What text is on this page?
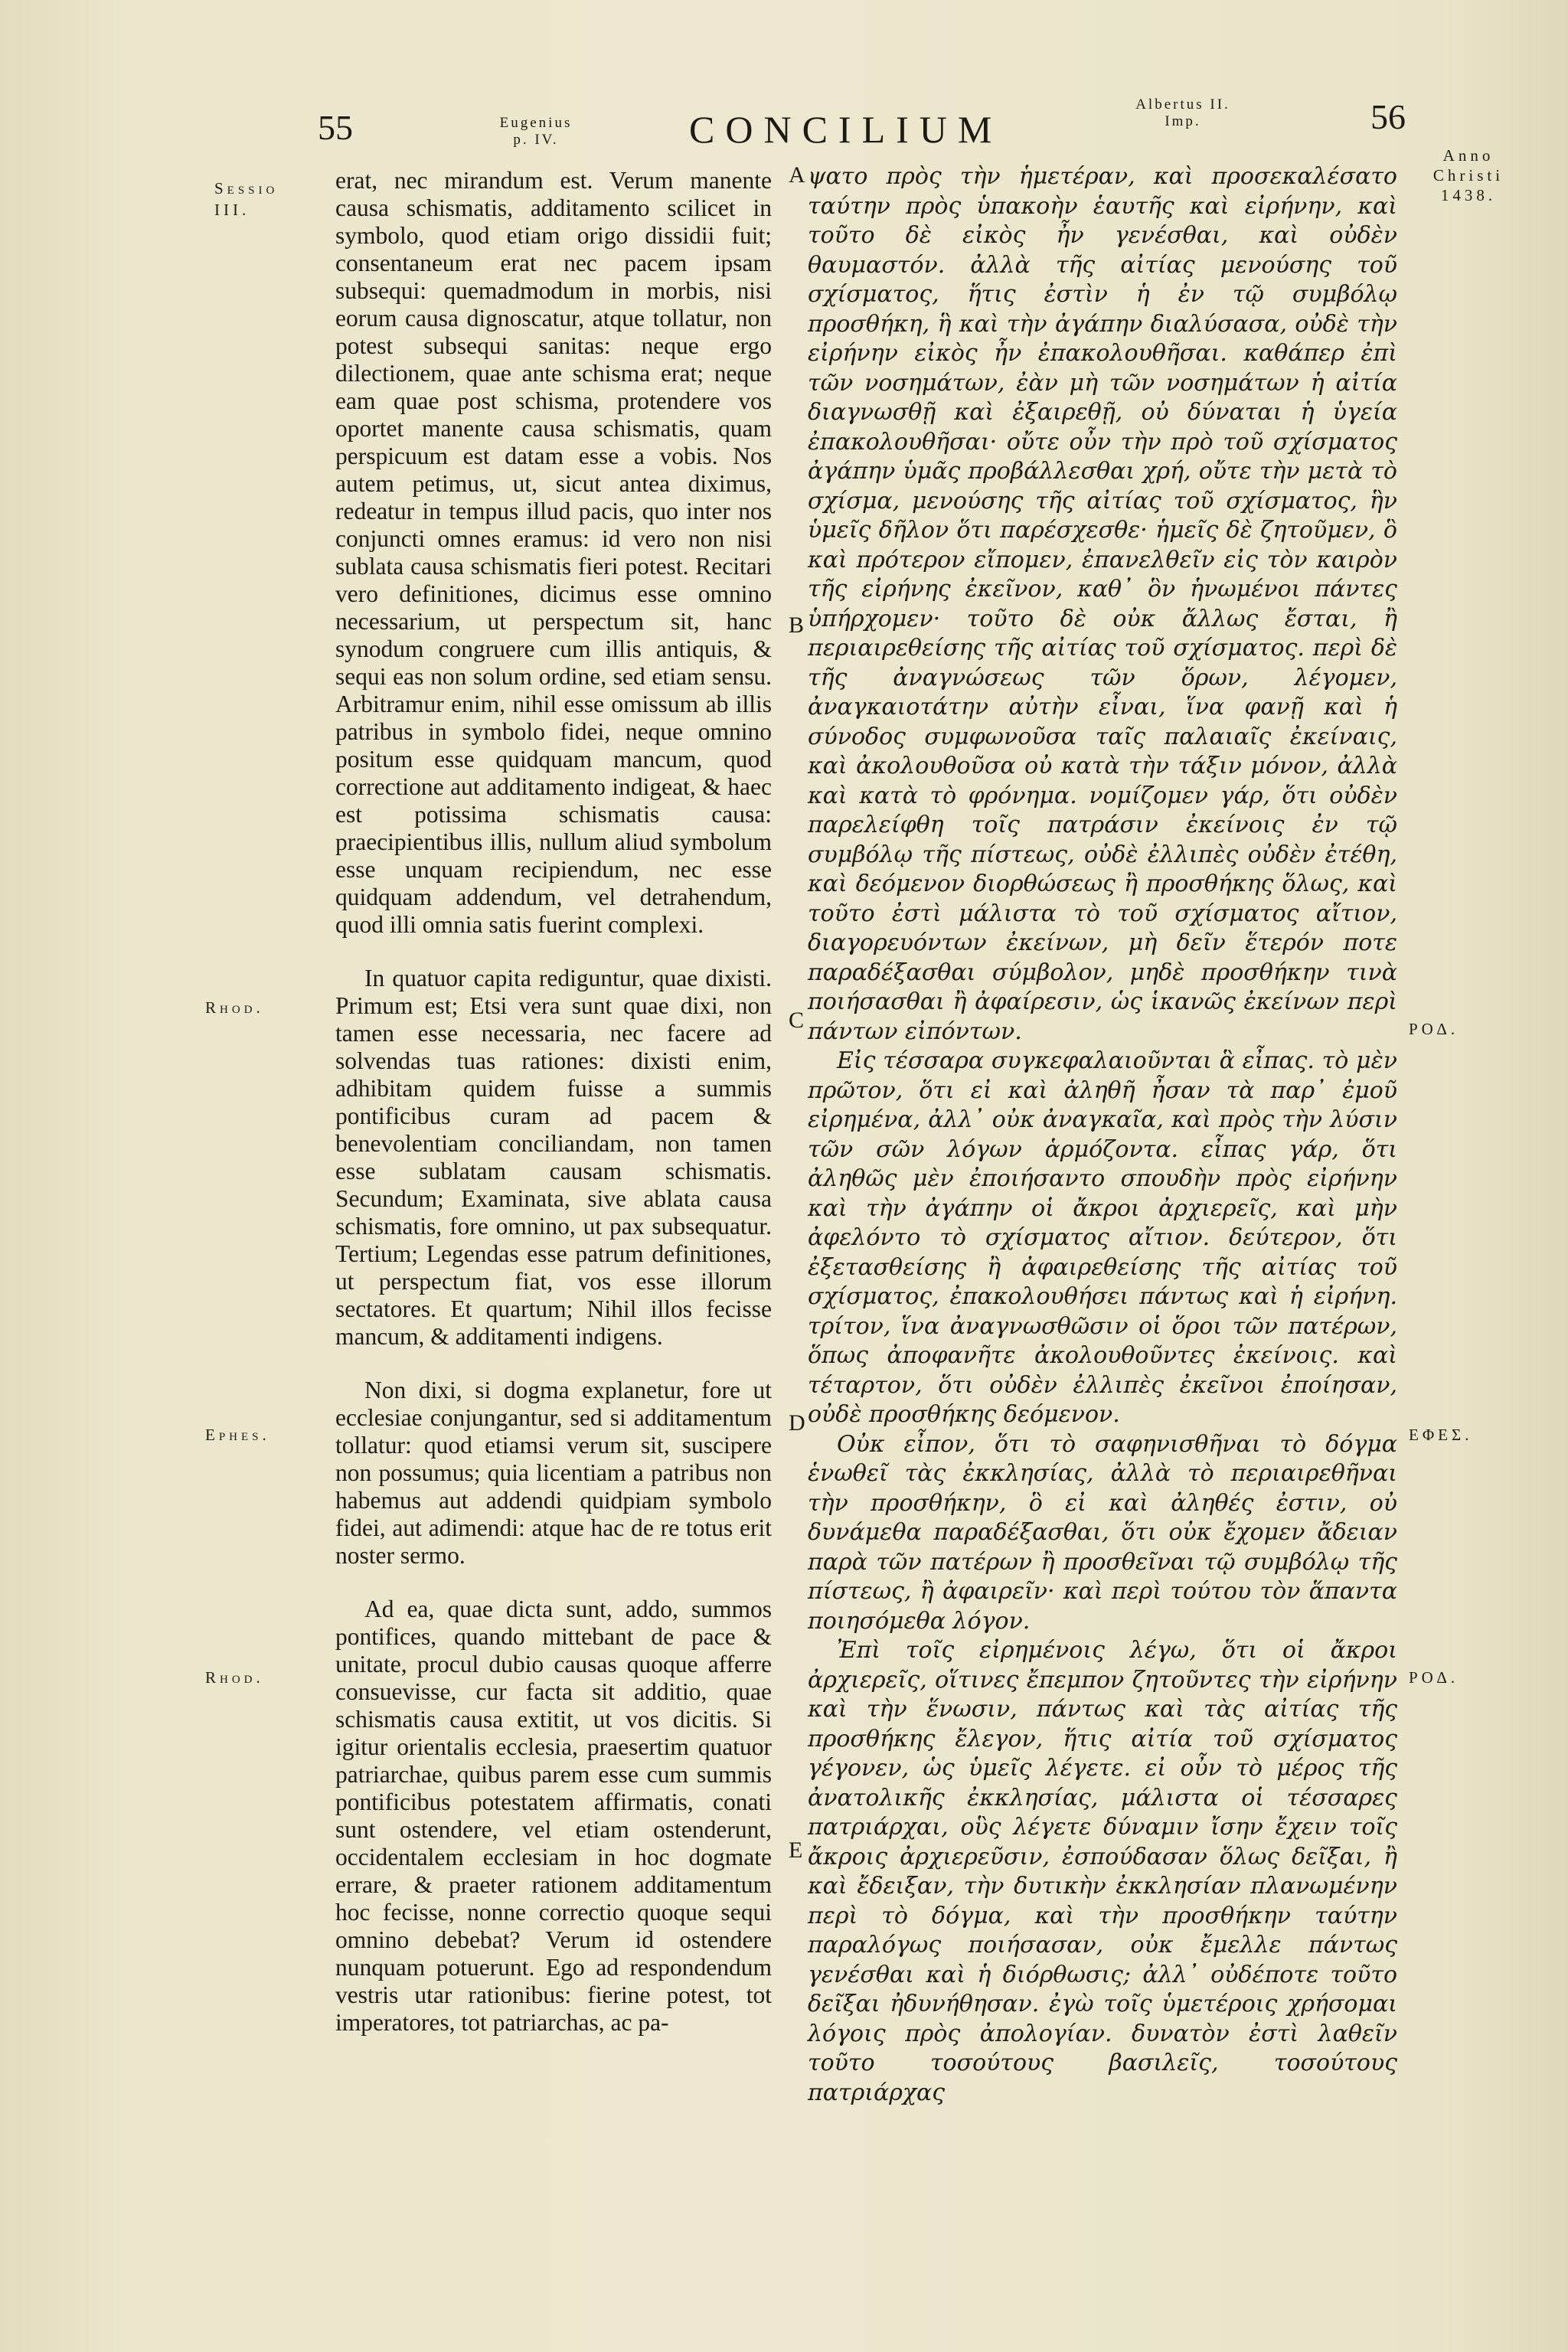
55	Eugenius
p. IV.	CONCILIUM
Albertus II.
Imp.	56
Sessio
III.
Rhod.
Ephes.
Rhod.
Anno
Christi
1438.
ΡΟΔ.
ΕΦΕΣ.
ΡΟΔ.
A
B
C
D
E

erat, nec mirandum est. Verum manente causa schismatis, additamento scilicet in symbolo, quod etiam origo dissidii fuit; consentaneum erat nec pacem ipsam subsequi: quemadmodum in morbis, nisi eorum causa dignoscatur, atque tollatur, non potest subsequi sanitas: neque ergo dilectionem, quae ante schisma erat; neque eam quae post schisma, protendere vos oportet manente causa schismatis, quam perspicuum est datam esse a vobis. Nos autem petimus, ut, sicut antea diximus, redeatur in tempus illud pacis, quo inter nos conjuncti omnes eramus: id vero non nisi sublata causa schismatis fieri potest. Recitari vero definitiones, dicimus esse omnino necessarium, ut perspectum sit, hanc synodum congruere cum illis antiquis, & sequi eas non solum ordine, sed etiam sensu. Arbitramur enim, nihil esse omissum ab illis patribus in symbolo fidei, neque omnino positum esse quidquam mancum, quod correctione aut additamento indigeat, & haec est potissima schismatis causa: praecipientibus illis, nullum aliud symbolum esse unquam recipiendum, nec esse quidquam addendum, vel detrahendum, quod illi omnia satis fuerint complexi.

In quatuor capita rediguntur, quae dixisti. Primum est; Etsi vera sunt quae dixi, non tamen esse necessaria, nec facere ad solvendas tuas rationes: dixisti enim, adhibitam quidem fuisse a summis pontificibus curam ad pacem & benevolentiam conciliandam, non tamen esse sublatam causam schismatis. Secundum; Examinata, sive ablata causa schismatis, fore omnino, ut pax subsequatur. Tertium; Legendas esse patrum definitiones, ut perspectum fiat, vos esse illorum sectatores. Et quartum; Nihil illos fecisse mancum, & additamenti indigens.

Non dixi, si dogma explanetur, fore ut ecclesiae conjungantur, sed si additamentum tollatur: quod etiamsi verum sit, suscipere non possumus; quia licentiam a patribus non habemus aut addendi quidpiam symbolo fidei, aut adimendi: atque hac de re totus erit noster sermo.

Ad ea, quae dicta sunt, addo, summos pontifices, quando mittebant de pace & unitate, procul dubio causas quoque afferre consuevisse, cur facta sit additio, quae schismatis causa extitit, ut vos dicitis. Si igitur orientalis ecclesia, praesertim quatuor patriarchae, quibus parem esse cum summis pontificibus potestatem affirmatis, conati sunt ostendere, vel etiam ostenderunt, occidentalem ecclesiam in hoc dogmate errare, & praeter rationem additamentum hoc fecisse, nonne correctio quoque sequi omnino debebat? Verum id ostendere nunquam potuerunt. Ego ad respondendum vestris utar rationibus: fierine potest, tot imperatores, tot patriarchas, ac pa-

ψατο πρὸς τὴν ἡμετέραν, καὶ προσεκαλέσατο ταύτην πρὸς ὑπακοὴν ἑαυτῆς καὶ εἰρήνην, καὶ τοῦτο δὲ εἰκὸς ἦν γενέσθαι, καὶ οὐδὲν θαυμαστόν. ἀλλὰ τῆς αἰτίας μενούσης τοῦ σχίσματος, ἥτις ἐστὶν ἡ ἐν τῷ συμβόλῳ προσθήκη, ἣ καὶ τὴν ἀγάπην διαλύσασα, οὐδὲ τὴν εἰρήνην εἰκὸς ἦν ἐπακολουθῆσαι. καθάπερ ἐπὶ τῶν νοσημάτων, ἐὰν μὴ τῶν νοσημάτων ἡ αἰτία διαγνωσθῇ καὶ ἐξαιρεθῇ, οὐ δύναται ἡ ὑγεία ἐπακολουθῆσαι· οὔτε οὖν τὴν πρὸ τοῦ σχίσματος ἀγάπην ὑμᾶς προβάλλεσθαι χρή, οὔτε τὴν μετὰ τὸ σχίσμα, μενούσης τῆς αἰτίας τοῦ σχίσματος, ἣν ὑμεῖς δῆλον ὅτι παρέσχεσθε· ἡμεῖς δὲ ζητοῦμεν, ὃ καὶ πρότερον εἴπομεν, ἐπανελθεῖν εἰς τὸν καιρὸν τῆς εἰρήνης ἐκεῖνον, καθ᾽ ὃν ἡνωμένοι πάντες ὑπήρχομεν· τοῦτο δὲ οὐκ ἄλλως ἔσται, ἢ περιαιρεθείσης τῆς αἰτίας τοῦ σχίσματος. περὶ δὲ τῆς ἀναγνώσεως τῶν ὅρων, λέγομεν, ἀναγκαιοτάτην αὐτὴν εἶναι, ἵνα φανῇ καὶ ἡ σύνοδος συμφωνοῦσα ταῖς παλαιαῖς ἐκείναις, καὶ ἀκολουθοῦσα οὐ κατὰ τὴν τάξιν μόνον, ἀλλὰ καὶ κατὰ τὸ φρόνημα. νομίζομεν γάρ, ὅτι οὐδὲν παρελείφθη τοῖς πατράσιν ἐκείνοις ἐν τῷ συμβόλῳ τῆς πίστεως, οὐδὲ ἐλλιπὲς οὐδὲν ἐτέθη, καὶ δεόμενον διορθώσεως ἢ προσθήκης ὅλως, καὶ τοῦτο ἐστὶ μάλιστα τὸ τοῦ σχίσματος αἴτιον, διαγορευόντων ἐκείνων, μὴ δεῖν ἕτερόν ποτε παραδέξασθαι σύμβολον, μηδὲ προσθήκην τινὰ ποιήσασθαι ἢ ἀφαίρεσιν, ὡς ἱκανῶς ἐκείνων περὶ πάντων εἰπόντων.

Εἰς τέσσαρα συγκεφαλαιοῦνται ἃ εἶπας. τὸ μὲν πρῶτον, ὅτι εἰ καὶ ἀληθῆ ἦσαν τὰ παρ᾽ ἐμοῦ εἰρημένα, ἀλλ᾽ οὐκ ἀναγκαῖα, καὶ πρὸς τὴν λύσιν τῶν σῶν λόγων ἁρμόζοντα. εἶπας γάρ, ὅτι ἀληθῶς μὲν ἐποιήσαντο σπουδὴν πρὸς εἰρήνην καὶ τὴν ἀγάπην οἱ ἄκροι ἀρχιερεῖς, καὶ μὴν ἀφελόντο τὸ σχίσματος αἴτιον. δεύτερον, ὅτι ἐξετασθείσης ἢ ἀφαιρεθείσης τῆς αἰτίας τοῦ σχίσματος, ἐπακολουθήσει πάντως καὶ ἡ εἰρήνη. τρίτον, ἵνα ἀναγνωσθῶσιν οἱ ὅροι τῶν πατέρων, ὅπως ἀποφανῆτε ἀκολουθοῦντες ἐκείνοις. καὶ τέταρτον, ὅτι οὐδὲν ἐλλιπὲς ἐκεῖνοι ἐποίησαν, οὐδὲ προσθήκης δεόμενον.

Οὐκ εἶπον, ὅτι τὸ σαφηνισθῆναι τὸ δόγμα ἑνωθεῖ τὰς ἐκκλησίας, ἀλλὰ τὸ περιαιρεθῆναι τὴν προσθήκην, ὃ εἰ καὶ ἀληθές ἐστιν, οὐ δυνάμεθα παραδέξασθαι, ὅτι οὐκ ἔχομεν ἄδειαν παρὰ τῶν πατέρων ἢ προσθεῖναι τῷ συμβόλῳ τῆς πίστεως, ἢ ἀφαιρεῖν· καὶ περὶ τούτου τὸν ἅπαντα ποιησόμεθα λόγον.

Ἐπὶ τοῖς εἰρημένοις λέγω, ὅτι οἱ ἄκροι ἀρχιερεῖς, οἵτινες ἔπεμπον ζητοῦντες τὴν εἰρήνην καὶ τὴν ἕνωσιν, πάντως καὶ τὰς αἰτίας τῆς προσθήκης ἔλεγον, ἥτις αἰτία τοῦ σχίσματος γέγονεν, ὡς ὑμεῖς λέγετε. εἰ οὖν τὸ μέρος τῆς ἀνατολικῆς ἐκκλησίας, μάλιστα οἱ τέσσαρες πατριάρχαι, οὓς λέγετε δύναμιν ἴσην ἔχειν τοῖς ἄκροις ἀρχιερεῦσιν, ἐσπούδασαν ὅλως δεῖξαι, ἢ καὶ ἔδειξαν, τὴν δυτικὴν ἐκκλησίαν πλανωμένην περὶ τὸ δόγμα, καὶ τὴν προσθήκην ταύτην παραλόγως ποιήσασαν, οὐκ ἔμελλε πάντως γενέσθαι καὶ ἡ διόρθωσις; ἀλλ᾽ οὐδέποτε τοῦτο δεῖξαι ἠδυνήθησαν. ἐγὼ τοῖς ὑμετέροις χρήσομαι λόγοις πρὸς ἀπολογίαν. δυνατὸν ἐστὶ λαθεῖν τοῦτο τοσούτους βασιλεῖς, τοσούτους πατριάρχας
